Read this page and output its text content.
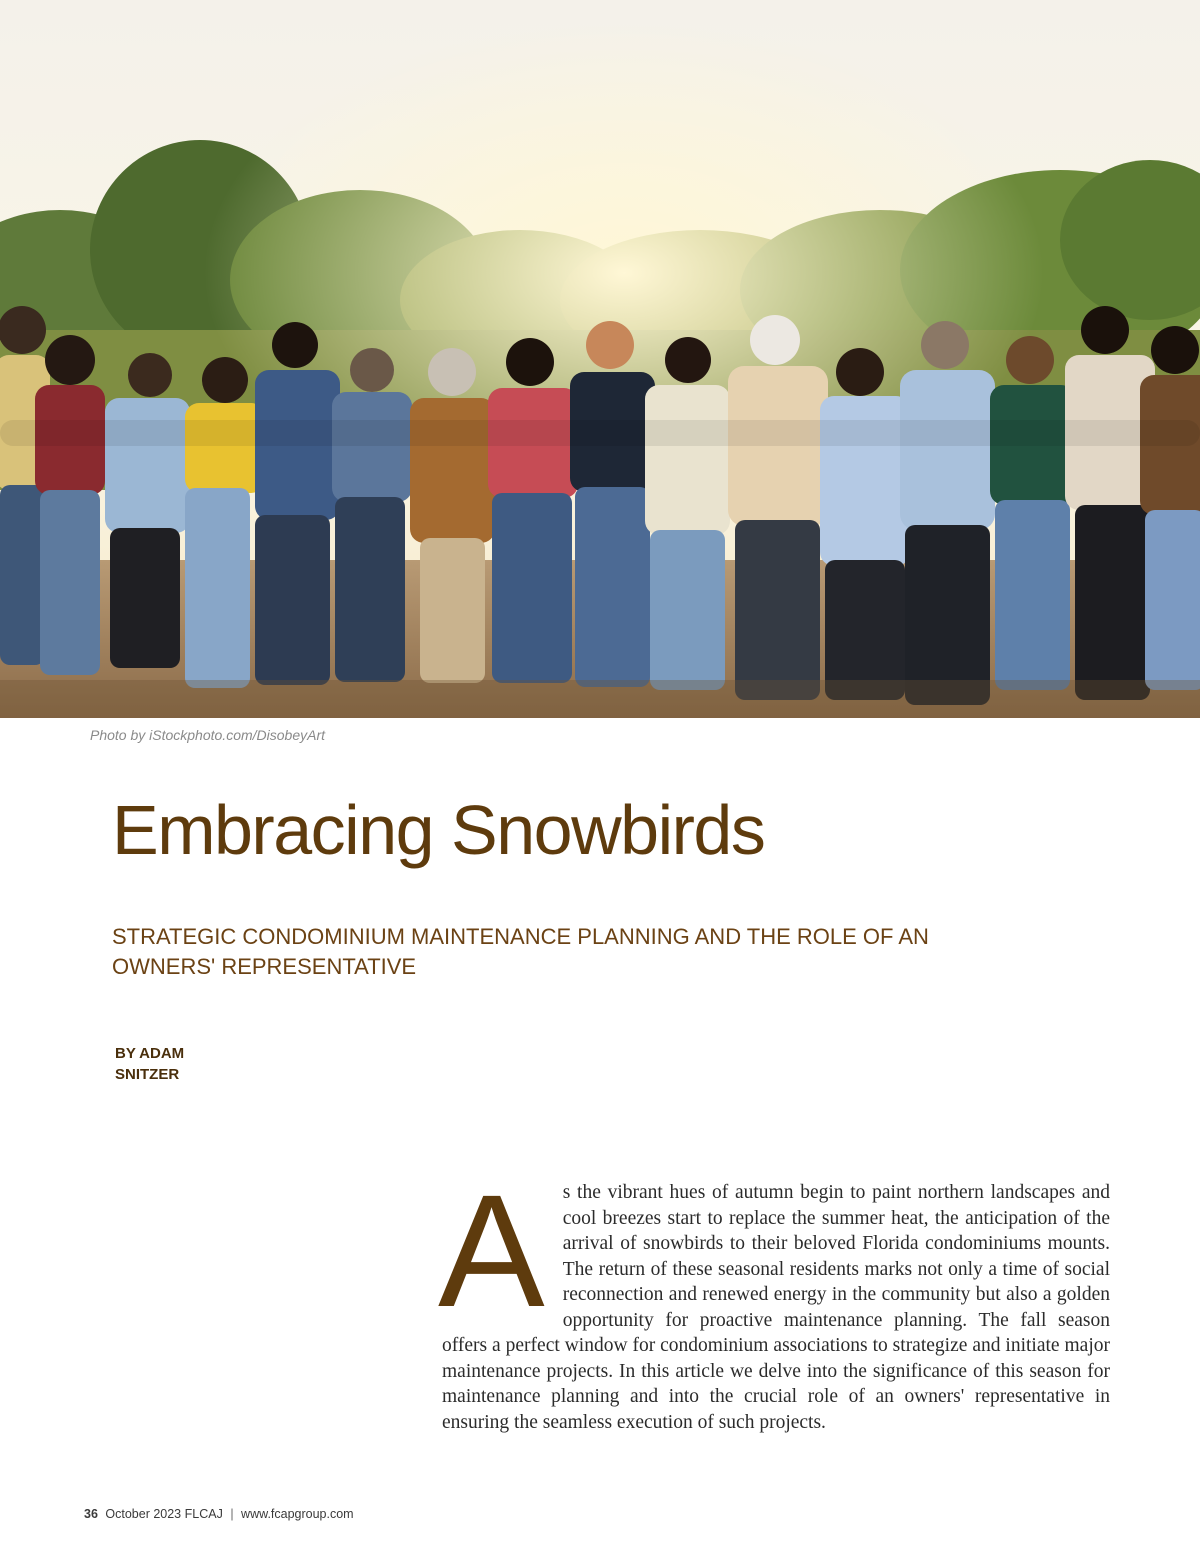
Photo by iStockphoto.com/DisobeyArt

Embracing Snowbirds
STRATEGIC CONDOMINIUM MAINTENANCE PLANNING AND THE ROLE OF AN OWNERS' REPRESENTATIVE

BY ADAM SNITZER

As the vibrant hues of autumn begin to paint northern landscapes and cool breezes start to replace the summer heat, the anticipation of the arrival of snowbirds to their beloved Florida condominiums mounts. The return of these seasonal residents marks not only a time of social reconnection and renewed energy in the community but also a golden opportunity for proactive maintenance planning. The fall season offers a perfect window for condominium associations to strategize and initiate major maintenance projects. In this article we delve into the significance of this season for maintenance planning and into the crucial role of an owners' representative in ensuring the seamless execution of such projects.

36 October 2023 FLCAJ | www.fcapgroup.com
